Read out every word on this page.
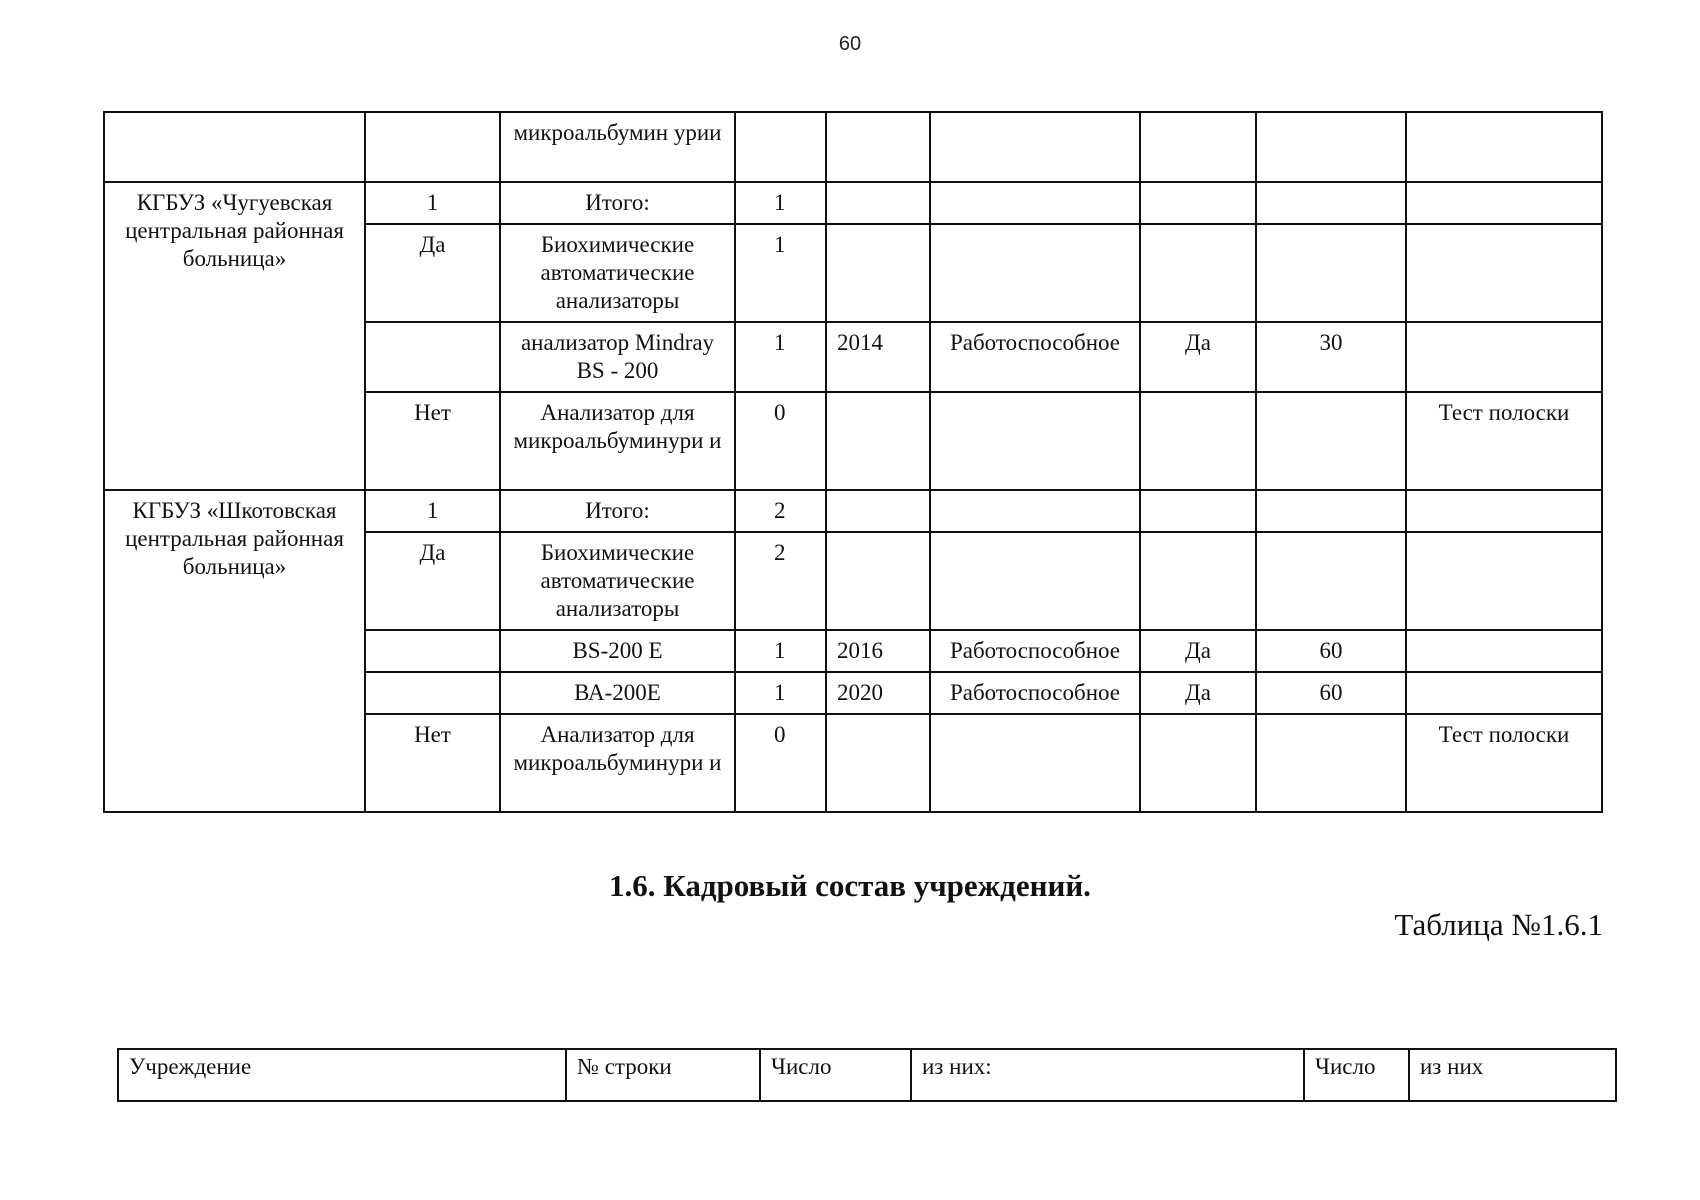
60
		микроальбумин урии						
КГБУЗ «Чугуевская центральная районная больница»	1	Итого:	1					
	Да	Биохимические автоматические анализаторы	1					
		анализатор Mindray BS - 200	1	2014	Работоспособное	Да	30	
	Нет	Анализатор для микроальбуминури и	0					Тест полоски
КГБУЗ «Шкотовская центральная районная больница»	1	Итого:	2					
	Да	Биохимические автоматические анализаторы	2					
		BS-200 E	1	2016	Работоспособное	Да	60	
		ВА-200Е	1	2020	Работоспособное	Да	60	
	Нет	Анализатор для микроальбуминури и	0					Тест полоски
1.6. Кадровый состав учреждений.
Таблица №1.6.1
Учреждение	№ строки	Число	из них:	Число	из них
